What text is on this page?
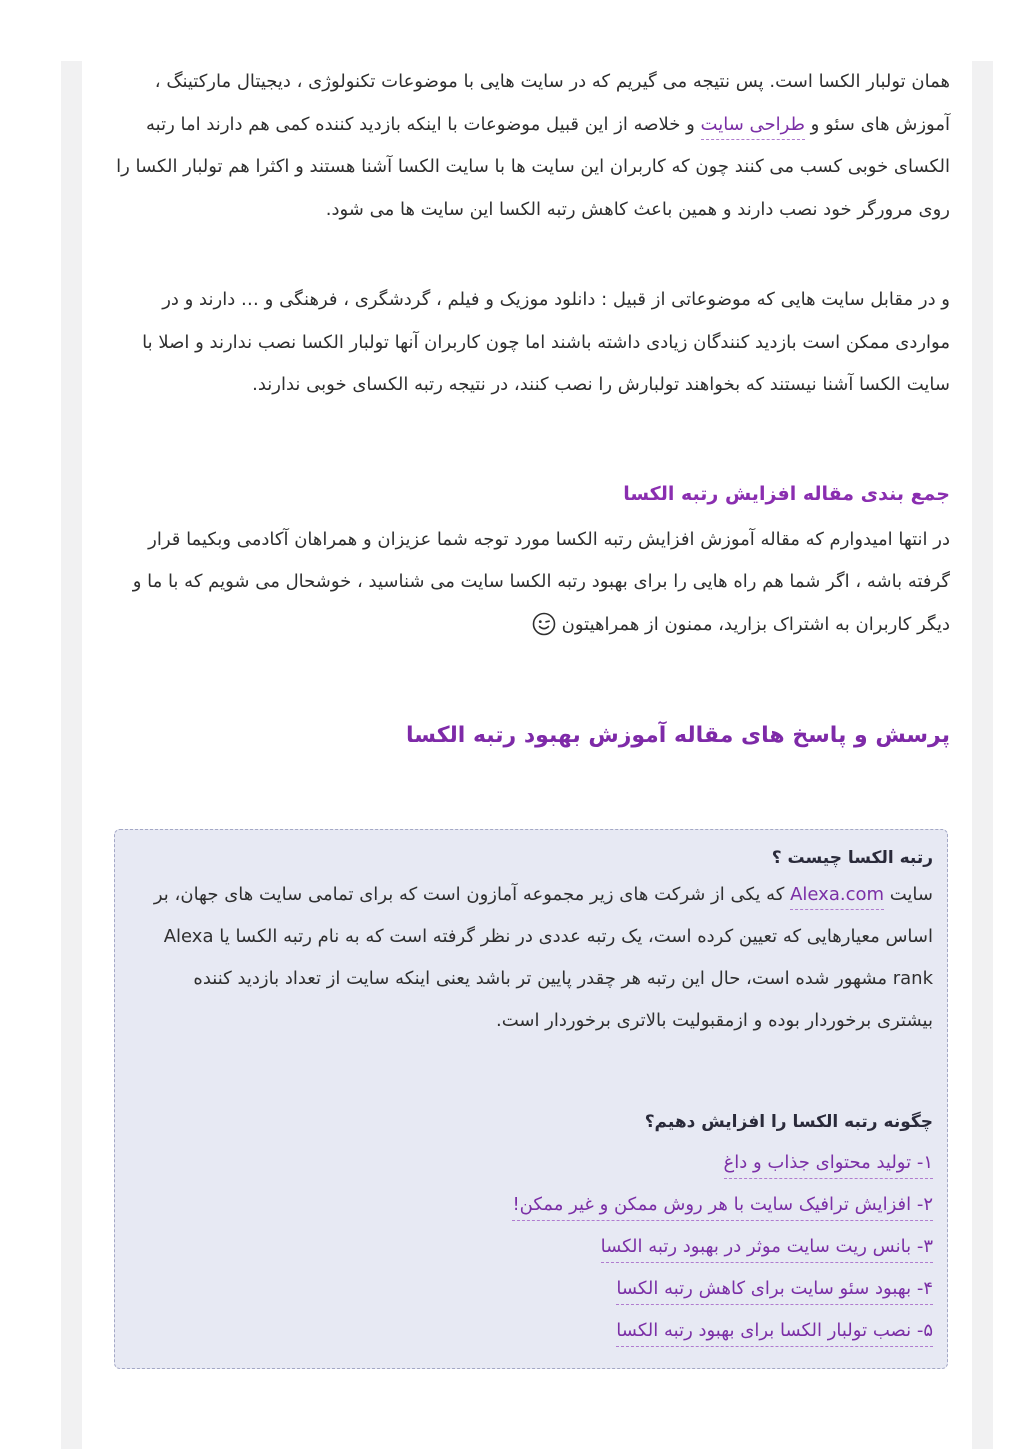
همان تولبار الکسا است. پس نتیجه می گیریم که در سایت هایی با موضوعات تکنولوژی ، دیجیتال مارکتینگ ، آموزش های سئو و طراحی سایت و خلاصه از این قبیل موضوعات با اینکه بازدید کننده کمی هم دارند اما رتبه الکسای خوبی کسب می کنند چون که کاربران این سایت ها با سایت الکسا آشنا هستند و اکثرا هم تولبار الکسا را روی مرورگر خود نصب دارند و همین باعث کاهش رتبه الکسا این سایت ها می شود.

و در مقابل سایت هایی که موضوعاتی از قبیل : دانلود موزیک و فیلم ، گردشگری ، فرهنگی و … دارند و در مواردی ممکن است بازدید کنندگان زیادی داشته باشند اما چون کاربران آنها تولبار الکسا نصب ندارند و اصلا با سایت الکسا آشنا نیستند که بخواهند تولبارش را نصب کنند، در نتیجه رتبه الکسای خوبی ندارند.

جمع بندی مقاله افزایش رتبه الکسا

در انتها امیدوارم که مقاله آموزش افزایش رتبه الکسا مورد توجه شما عزیزان و همراهان آکادمی وبکیما قرار گرفته باشه ، اگر شما هم راه هایی را برای بهبود رتبه الکسا سایت می شناسید ، خوشحال می شویم که با ما و دیگر کاربران به اشتراک بزارید، ممنون از همراهیتون

پرسش و پاسخ های مقاله آموزش بهبود رتبه الکسا

رتبه الکسا چیست ؟

سایت Alexa.com که یکی از شرکت های زیر مجموعه آمازون است که برای تمامی سایت های جهان، بر اساس معیارهایی که تعیین کرده است، یک رتبه عددی در نظر گرفته است که به نام رتبه الکسا یا Alexa rank مشهور شده است، حال این رتبه هر چقدر پایین تر باشد یعنی اینکه سایت از تعداد بازدید کننده بیشتری برخوردار بوده و ازمقبولیت بالاتری برخوردار است.

چگونه رتبه الکسا را افزایش دهیم؟

۱- تولید محتوای جذاب و داغ
۲- افزایش ترافیک سایت با هر روش ممکن و غیر ممکن!
۳- بانس ریت سایت موثر در بهبود رتبه الکسا
۴- بهبود سئو سایت برای کاهش رتبه الکسا
۵- نصب تولبار الکسا برای بهبود رتبه الکسا
